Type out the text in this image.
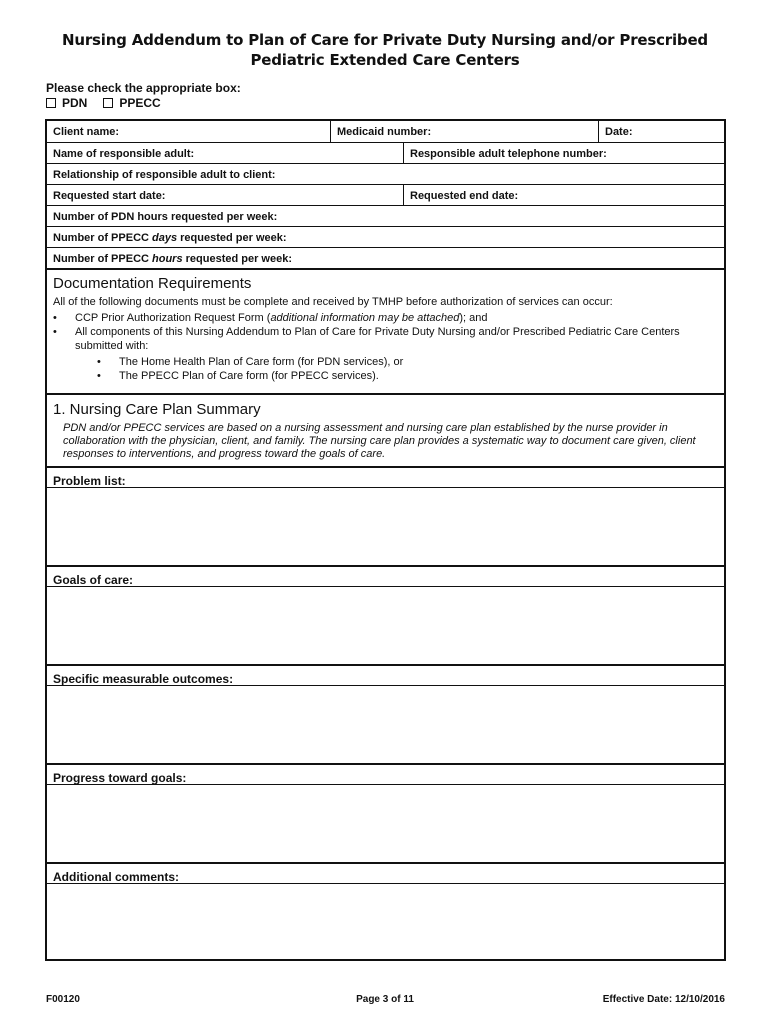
Nursing Addendum to Plan of Care for Private Duty Nursing and/or Prescribed
Pediatric Extended Care Centers
Please check the appropriate box:
PDN	PPECC
Client name:	Medicaid number:	Date:
Name of responsible adult:	Responsible adult telephone number:
Relationship of responsible adult to client:
Requested start date:	Requested end date:
Number of PDN hours requested per week:
Number of PPECC days requested per week:
Number of PPECC hours requested per week:
Documentation Requirements
All of the following documents must be complete and received by TMHP before authorization of services can occur:
• CCP Prior Authorization Request Form (additional information may be attached); and
• All components of this Nursing Addendum to Plan of Care for Private Duty Nursing and/or Prescribed Pediatric Care Centers submitted with:
• The Home Health Plan of Care form (for PDN services), or
• The PPECC Plan of Care form (for PPECC services).
1. Nursing Care Plan Summary
PDN and/or PPECC services are based on a nursing assessment and nursing care plan established by the nurse provider in collaboration with the physician, client, and family. The nursing care plan provides a systematic way to document care given, client responses to interventions, and progress toward the goals of care.
Problem list:
Goals of care:
Specific measurable outcomes:
Progress toward goals:
Additional comments:
F00120	Page 3 of 11	Effective Date: 12/10/2016
